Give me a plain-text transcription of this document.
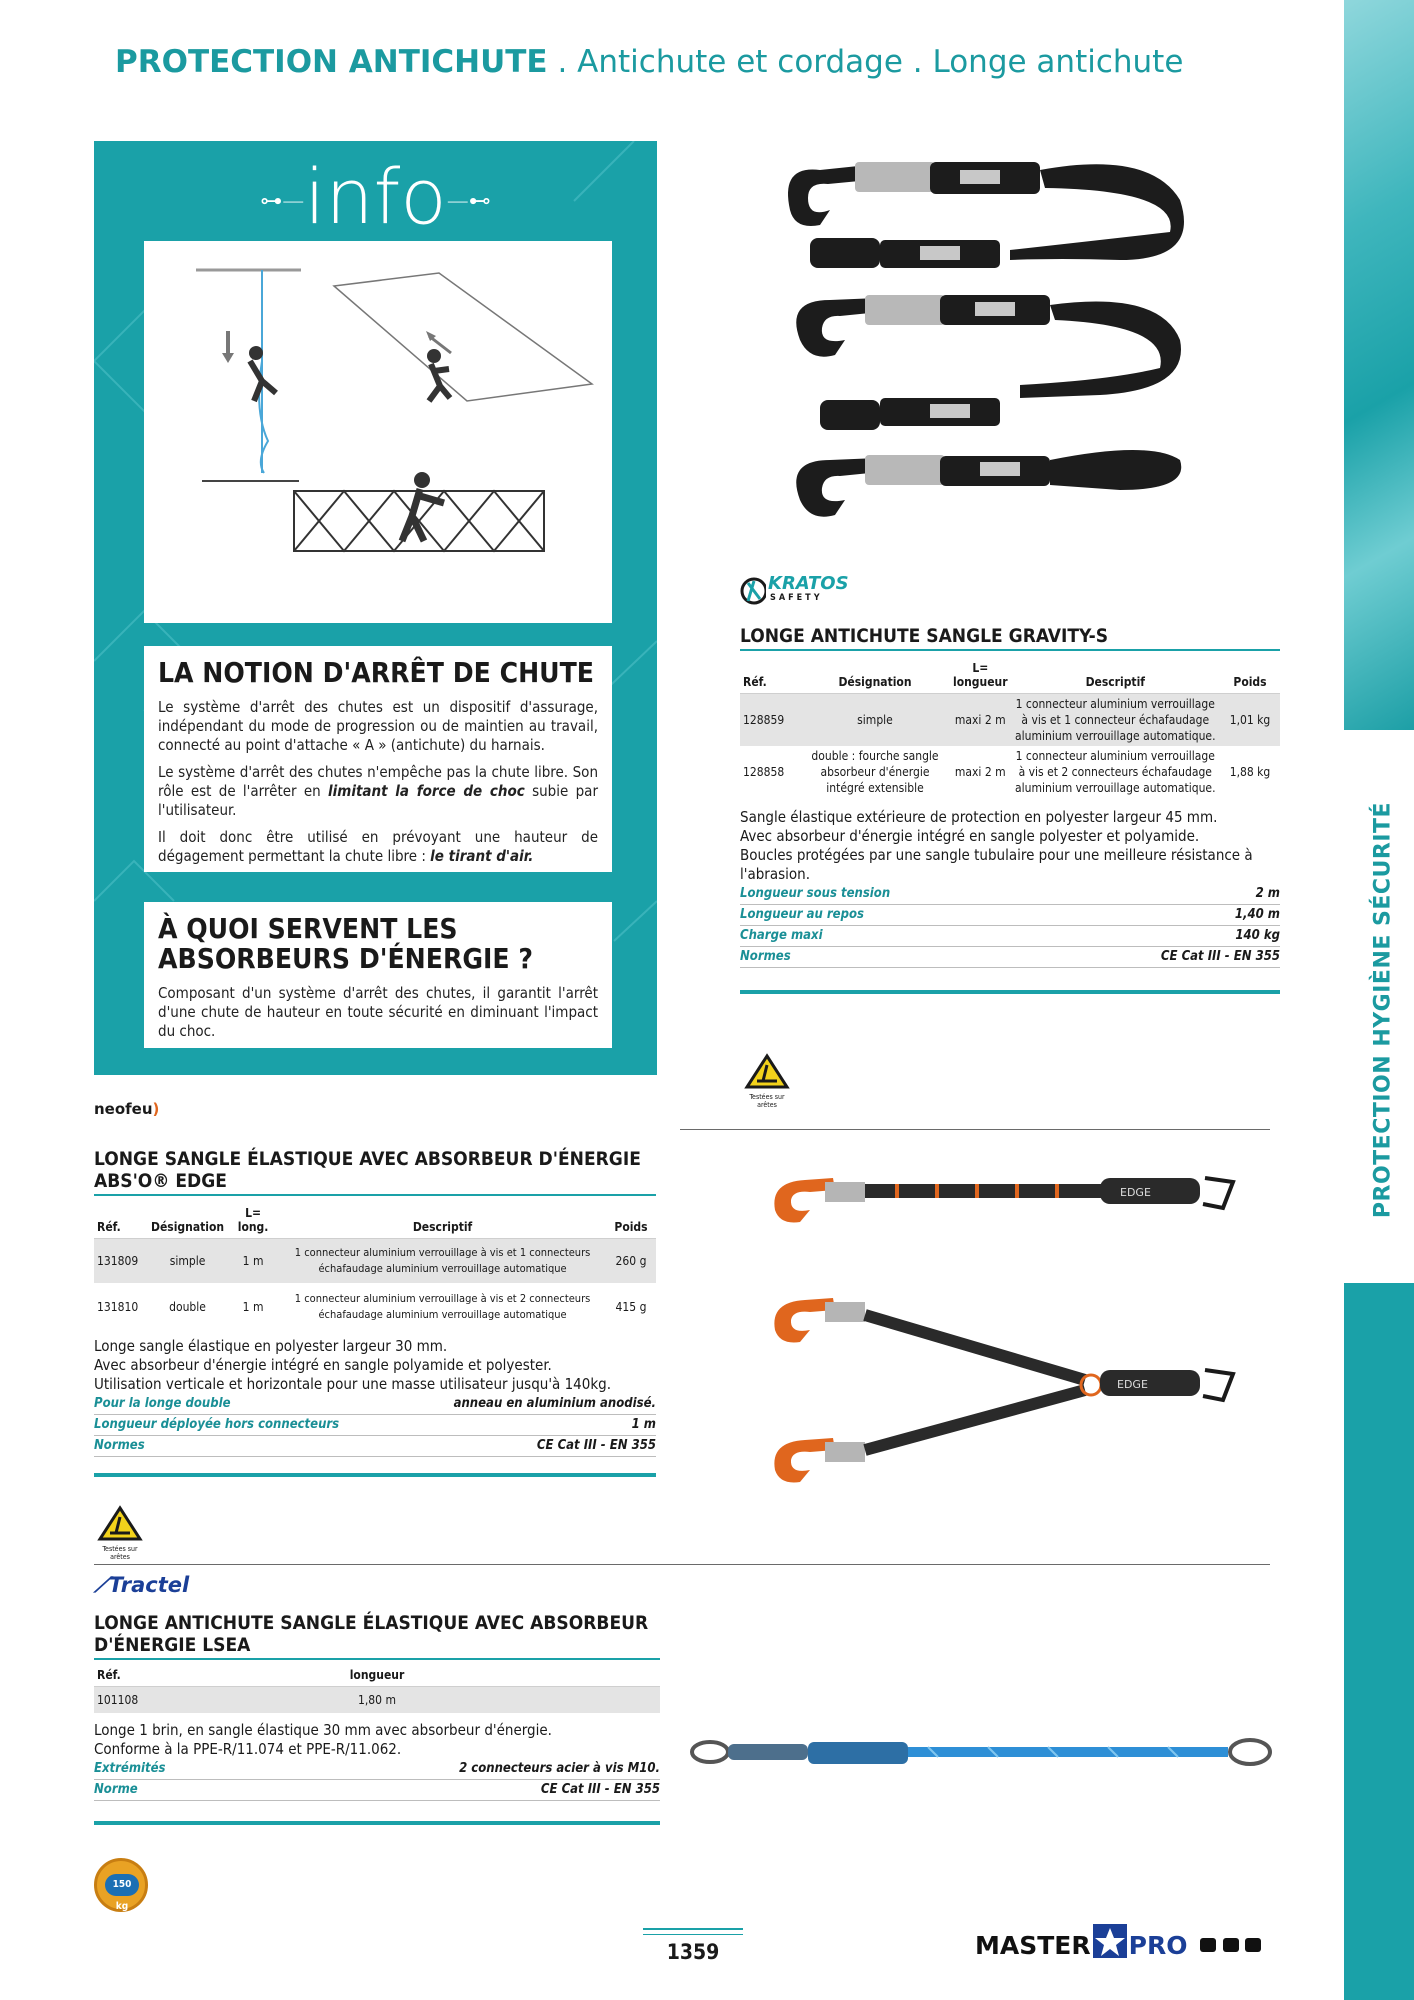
PROTECTION ANTICHUTE . Antichute et cordage . Longe antichute
PROTECTION HYGIÈNE SÉCURITÉ
⊶—info—⊷
LA NOTION D'ARRÊT DE CHUTE

Le système d'arrêt des chutes est un dispositif d'assurage, indépendant du mode de progression ou de maintien au travail, connecté au point d'attache « A » (antichute) du harnais.

Le système d'arrêt des chutes n'empêche pas la chute libre. Son rôle est de l'arrêter en limitant la force de choc subie par l'utilisateur.

Il doit donc être utilisé en prévoyant une hauteur de dégagement permettant la chute libre : le tirant d'air.

À QUOI SERVENT LES ABSORBEURS D'ÉNERGIE ?

Composant d'un système d'arrêt des chutes, il garantit l'arrêt d'une chute de hauteur en toute sécurité en diminuant l'impact du choc.

KRATOS
SAFETY
LONGE ANTICHUTE SANGLE GRAVITY-S
Réf.	Désignation	L= longueur	Descriptif	Poids
128859	simple	maxi 2 m	1 connecteur aluminium verrouillage à vis et 1 connecteur échafaudage aluminium verrouillage automatique.	1,01 kg
128858	double : fourche sangle absorbeur d'énergie intégré extensible	maxi 2 m	1 connecteur aluminium verrouillage à vis et 2 connecteurs échafaudage aluminium verrouillage automatique.	1,88 kg
Sangle élastique extérieure de protection en polyester largeur 45 mm.
Avec absorbeur d'énergie intégré en sangle polyester et polyamide.
Boucles protégées par une sangle tubulaire pour une meilleure résistance à l'abrasion.
Longueur sous tension	2 m
Longueur au repos	1,40 m
Charge maxi	140 kg
Normes	CE Cat III - EN 355
Testées sur arêtes
neofeu)
LONGE SANGLE ÉLASTIQUE AVEC ABSORBEUR D'ÉNERGIE ABS'O® EDGE
Réf.	Désignation	L= long.	Descriptif	Poids
131809	simple	1 m	1 connecteur aluminium verrouillage à vis et 1 connecteurs échafaudage aluminium verrouillage automatique	260 g
131810	double	1 m	1 connecteur aluminium verrouillage à vis et 2 connecteurs échafaudage aluminium verrouillage automatique	415 g
Longe sangle élastique en polyester largeur 30 mm.
Avec absorbeur d'énergie intégré en sangle polyamide et polyester.
Utilisation verticale et horizontale pour une masse utilisateur jusqu'à 140kg.
Pour la longe double	anneau en aluminium anodisé.
Longueur déployée hors connecteurs	1 m
Normes	CE Cat III - EN 355
EDGE
EDGE
Testées sur arêtes
⟋Tractel
LONGE ANTICHUTE SANGLE ÉLASTIQUE AVEC ABSORBEUR D'ÉNERGIE LSEA
Réf.	longueur	
101108	1,80 m	
Longe 1 brin, en sangle élastique 30 mm avec absorbeur d'énergie.
Conforme à la PPE-R/11.074 et PPE-R/11.062.
Extrémités	2 connecteurs acier à vis M10.
Norme	CE Cat III - EN 355
150 kg
1359	MASTER PRO
